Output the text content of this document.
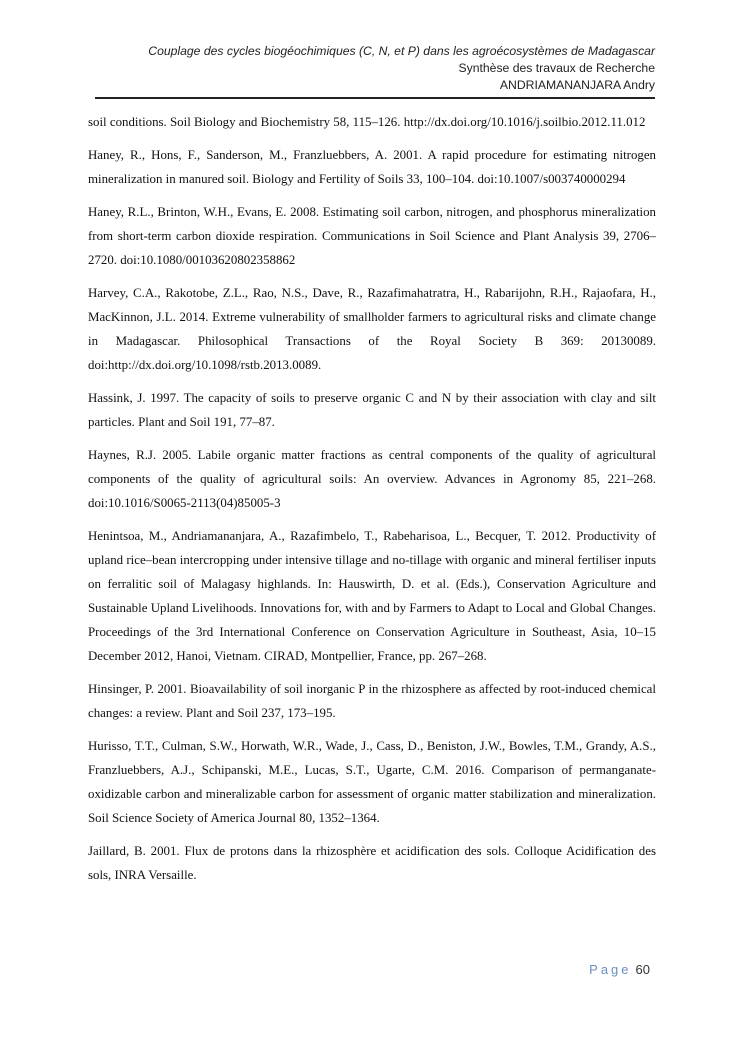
Couplage des cycles biogéochimiques (C, N, et P) dans les agroécosystèmes de Madagascar
Synthèse des travaux de Recherche
ANDRIAMANANJARA Andry

soil conditions. Soil Biology and Biochemistry 58, 115–126. http://dx.doi.org/10.1016/j.soilbio.2012.11.012

Haney, R., Hons, F., Sanderson, M., Franzluebbers, A. 2001. A rapid procedure for estimating nitrogen mineralization in manured soil. Biology and Fertility of Soils 33, 100–104. doi:10.1007/s003740000294

Haney, R.L., Brinton, W.H., Evans, E. 2008. Estimating soil carbon, nitrogen, and phosphorus mineralization from short-term carbon dioxide respiration. Communications in Soil Science and Plant Analysis 39, 2706–2720. doi:10.1080/00103620802358862

Harvey, C.A., Rakotobe, Z.L., Rao, N.S., Dave, R., Razafimahatratra, H., Rabarijohn, R.H., Rajaofara, H., MacKinnon, J.L. 2014. Extreme vulnerability of smallholder farmers to agricultural risks and climate change in Madagascar. Philosophical Transactions of the Royal Society B 369: 20130089. doi:http://dx.doi.org/10.1098/rstb.2013.0089.

Hassink, J. 1997. The capacity of soils to preserve organic C and N by their association with clay and silt particles. Plant and Soil 191, 77–87.

Haynes, R.J. 2005. Labile organic matter fractions as central components of the quality of agricultural components of the quality of agricultural soils: An overview. Advances in Agronomy 85, 221–268. doi:10.1016/S0065-2113(04)85005-3

Henintsoa, M., Andriamananjara, A., Razafimbelo, T., Rabeharisoa, L., Becquer, T. 2012. Productivity of upland rice–bean intercropping under intensive tillage and no-tillage with organic and mineral fertiliser inputs on ferralitic soil of Malagasy highlands. In: Hauswirth, D. et al. (Eds.), Conservation Agriculture and Sustainable Upland Livelihoods. Innovations for, with and by Farmers to Adapt to Local and Global Changes. Proceedings of the 3rd International Conference on Conservation Agriculture in Southeast, Asia, 10–15 December 2012, Hanoi, Vietnam. CIRAD, Montpellier, France, pp. 267–268.

Hinsinger, P. 2001. Bioavailability of soil inorganic P in the rhizosphere as affected by root-induced chemical changes: a review. Plant and Soil 237, 173–195.

Hurisso, T.T., Culman, S.W., Horwath, W.R., Wade, J., Cass, D., Beniston, J.W., Bowles, T.M., Grandy, A.S., Franzluebbers, A.J., Schipanski, M.E., Lucas, S.T., Ugarte, C.M. 2016. Comparison of permanganate-oxidizable carbon and mineralizable carbon for assessment of organic matter stabilization and mineralization. Soil Science Society of America Journal 80, 1352–1364.

Jaillard, B. 2001. Flux de protons dans la rhizosphère et acidification des sols. Colloque Acidification des sols, INRA Versaille.

Page 60
